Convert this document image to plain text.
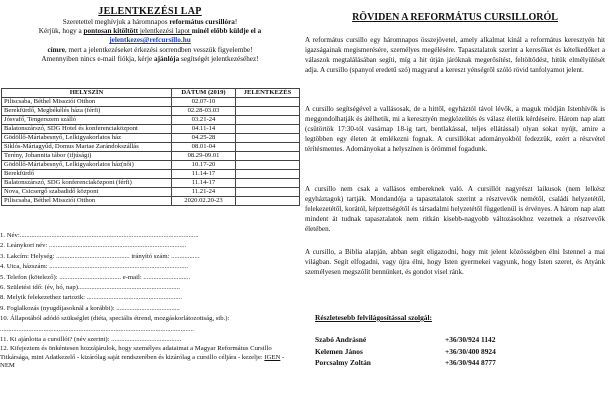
JELENTKEZÉSI LAP
Szeretettel meghívjuk a háromnapos református cursillóra!
Kérjük, hogy a pontosan kitöltött jelentkezési lapot minél előbb küldje el a
jelentkezes@refcursillo.hu
címre, mert a jelentkezéseket érkezési sorrendben vesszük figyelembe!
Amennyiben nincs e-mail fiókja, kérje ajánlója segítségét jelentkezéséhez!
HELYSZÍN	DÁTUM (2019)	JELENTKEZÉS
Piliscsaba, Béthel Missziói Otthon	02.07-10	
Berekfürdő, Megbékélés háza (férfi)	02.28-03.03	
Jósvafő, Tengerszem szálló	03.21-24	
Balatonszárszó, SDG Hotel és konferenciaközpont	04.11-14	
Gödöllő-Máriabesnyő, Lelkigyakorlatos ház	04.25-28	
Siklós-Máriagyűd, Domus Mariae Zarándokszállás	08.01-04	
Terény, Johannita tábor (ifjúsági)	08.29-09.01	
Gödöllő-Máriabesnyő, Lelkigyakorlatos ház(női)	10.17-20	
Berekfürdő	11.14-17	
Balatonszárszó, SDG konferenciaközpont (férfi)	11.14-17	
Nova, Csicsergő szabadidő központ	11.21-24	
Piliscsaba, Béthel Missziói Otthon	2020.02.20-23	
1. Név:...........................................................................................................
2. Leánykori név: ..................................................................................
3. Lakcím: Helység: ............................................ irányító szám: .................
4. Utca, házszám: ...................................................................................
5. Telefon (kötelező): ..................................... e-mail: ............................
6. Születési idő: (év, hó, nap).............................................................
8. Melyik felekezethez tartozik: .........................................................
9. Foglalkozás (nyugdíjasoknál a korábbi): ......................................
10. Állapotából adódó szükséglet (diéta, speciális étrend, mozgáskorlátozottság, stb.):
....................................................................................................................
11. Ki ajánlotta a cursillót? (név szerint): ..........................................
12. Kifejeztem és önkéntesen hozzájárulok, hogy személyes adataimat a Magyar Református Cursillo Titkársága, mint Adatkezelő - kizárólag saját rendszerében és kizárólag a cursillo céljára - kezelje: IGEN - NEM
RÖVIDEN A REFORMÁTUS CURSILLORÓL
A református cursillo egy háromnapos összejövetel, amely alkalmat kínál a református keresztyén hit igazságainak megismerésére, személyes megélésére. Tapasztalatok szerint a keresőket és kételkedőket a válaszok megtalálásában segíti, míg a hit útján járóknak megerősítést, feltöltődést, hitük elmélyülését adja. A cursillo (spanyol eredetű szó) magyarul a kereszt yénségről szóló rövid tanfolyamot jelent.
A cursillo segítségével a vallásosak, de a hittől, egyháztól távol lévők, a maguk módján Istenhívők is meggondolhatják és átélhetik, mi a keresztyén megközelítés és válasz életük kérdéseire. Három nap alatt (csütörtök 17:30-tól vasárnap 18-ig tart, bentlakással, teljes ellátással) olyan sokat nyújt, amire a legtöbben egy életen át emlékezni fognak. A cursillókat adományokból fedezzük, ezért a részvétel térítésmentes. Adományokat a helyszínen is örömmel fogadunk.
A cursillo nem csak a vallásos embereknek való. A cursillót nagyrészt laikusok (nem lelkész egyháztagok) tartják. Mondandója a tapasztalatok szerint a résztvevők nemétől, családi helyzetétől, felekezetétől, korától, képzettségétől és társadalmi helyzetétől függetlenül is érvényes. A három nap alatt mindent át tudnak tapasztalatok nem ritkán kisebb-nagyobb változásokhoz vezetnek a résztvevők életében.
A cursillo, a Biblia alapján, abban segít eligazodni, hogy mit jelent közösségben élni Istennel a mai világban. Segít elfogadni, vagy újra élni, hogy Isten gyermekei vagyunk, hogy Isten szeret, és Atyánk személyesen megszólít bennünket, és gondot visel ránk.
Részletesebb felvilágosítással szolgál:
Szabó Andrásné	+36/30/924 1142
Kelemen János	+36/30/400 8924
Porcsalmy Zoltán	+36/30/944 8777
